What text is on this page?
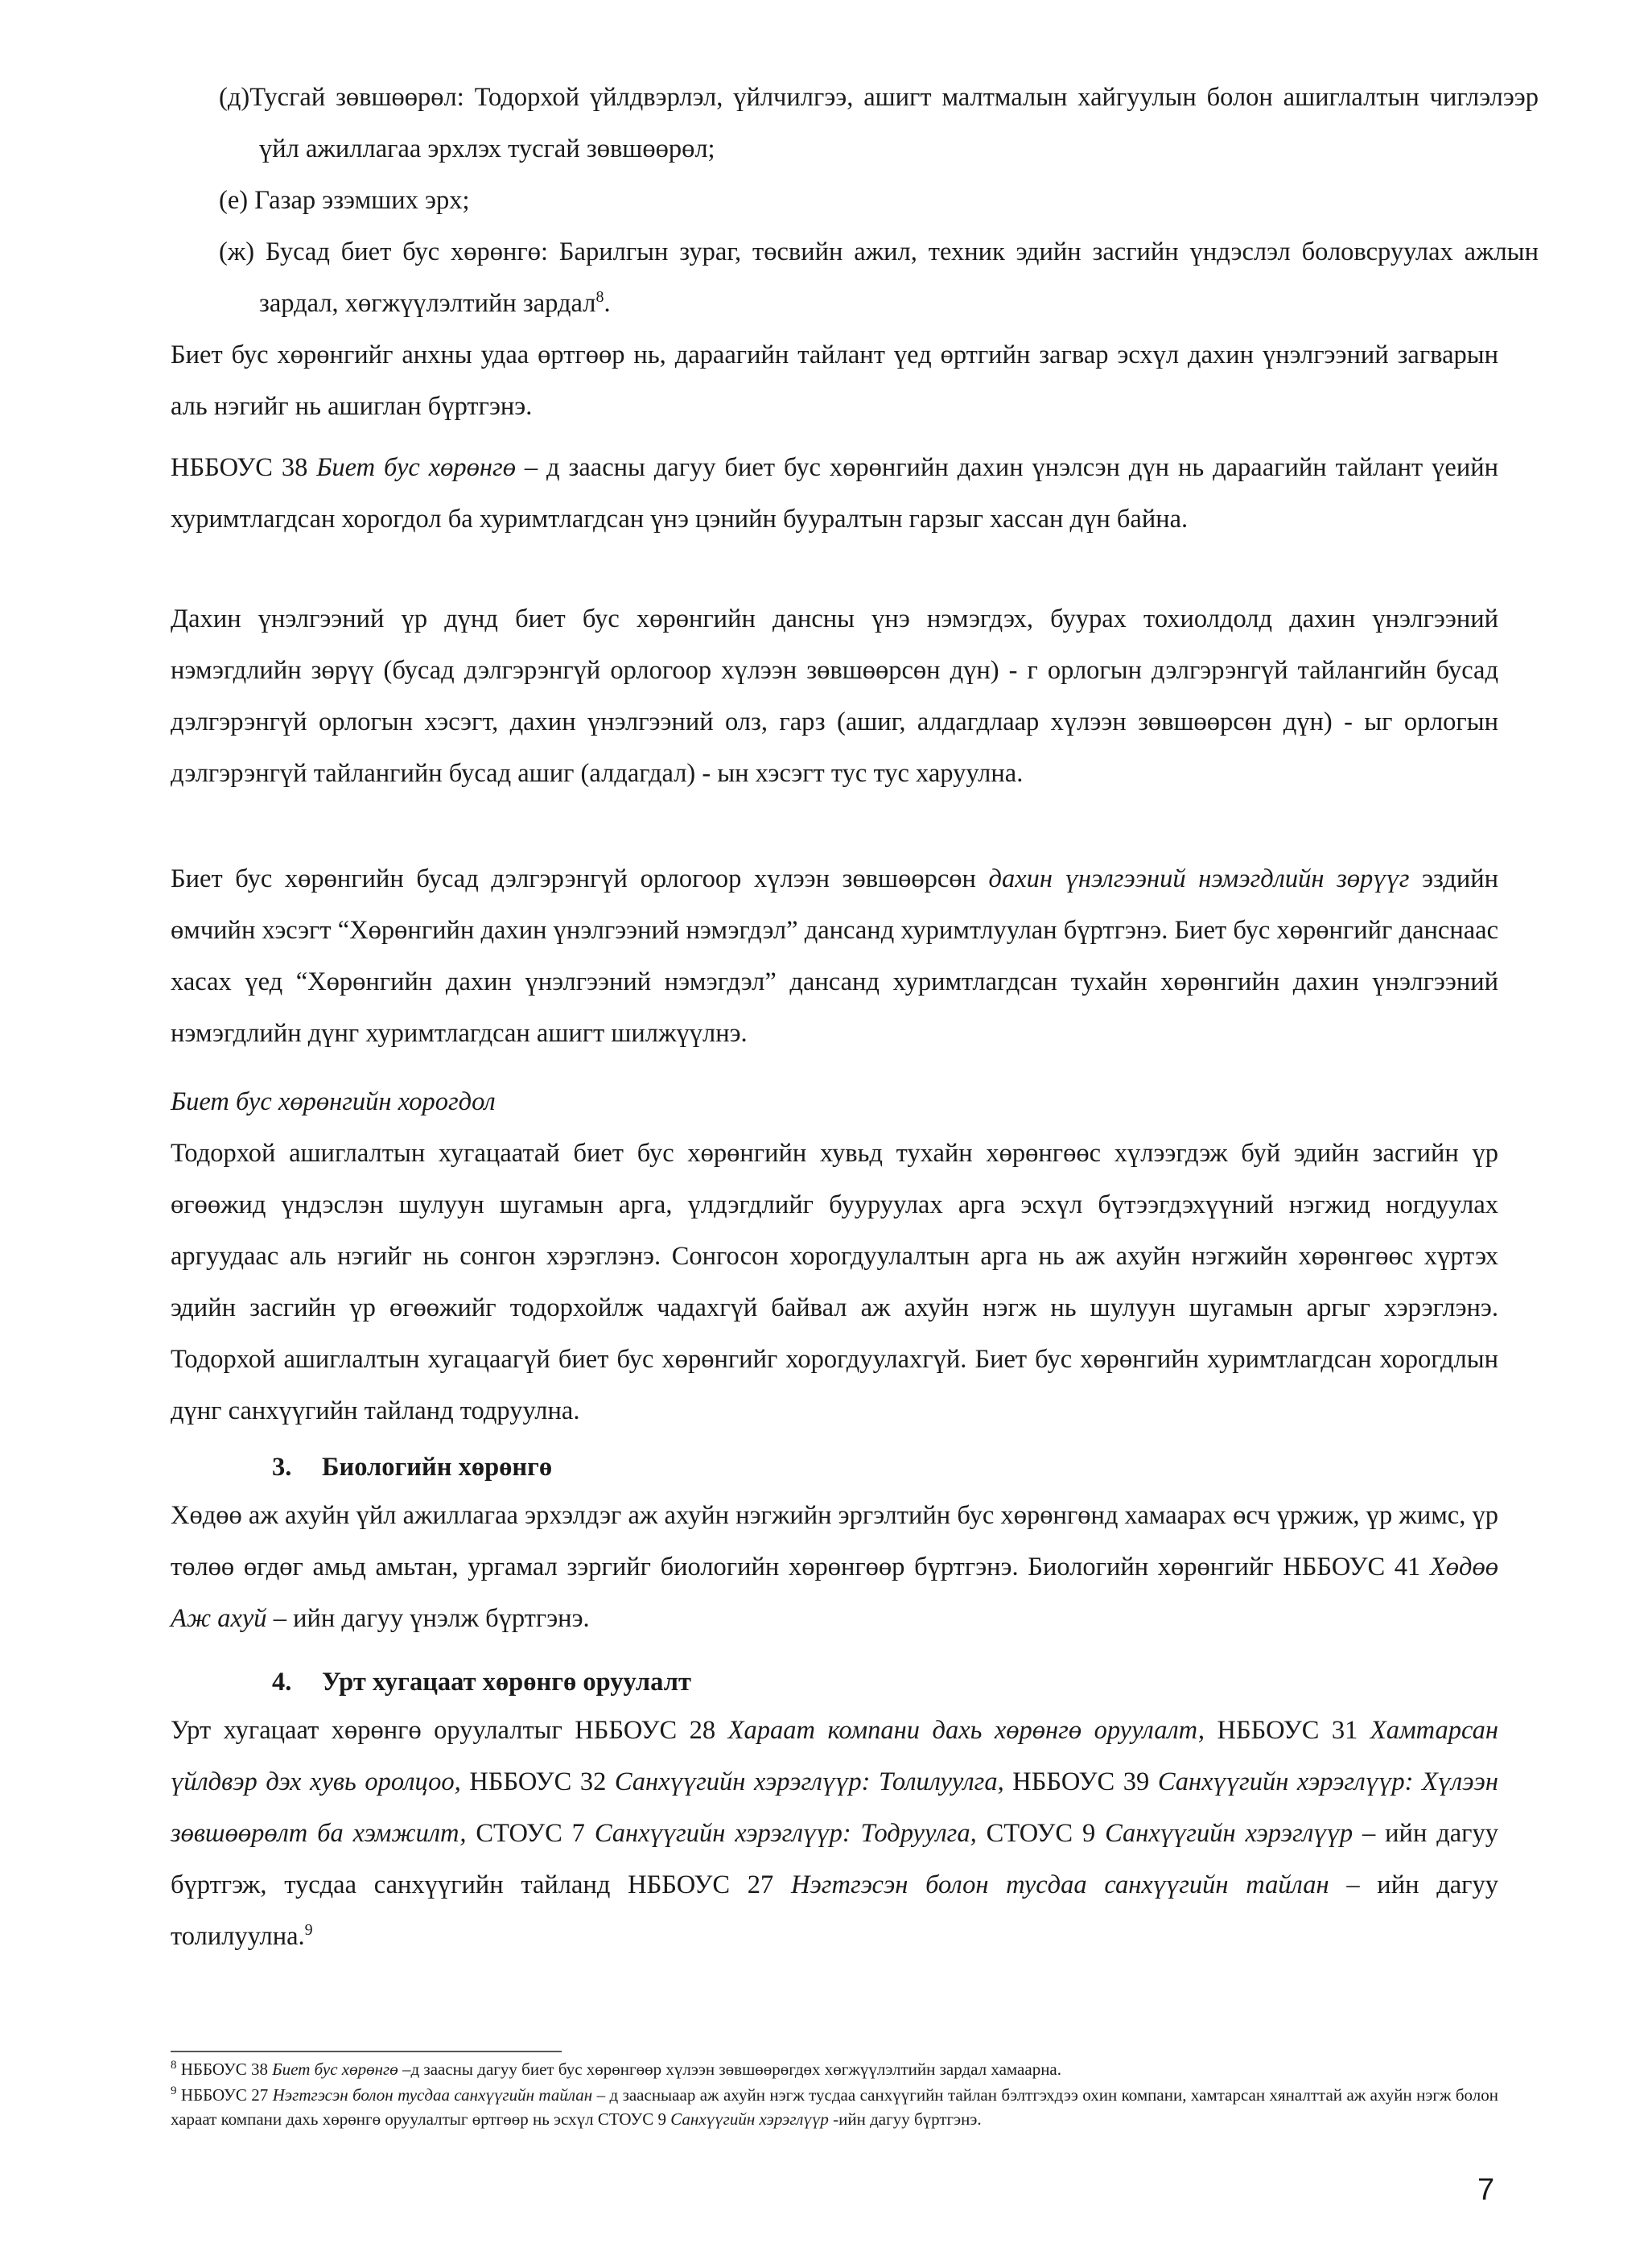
(д)Тусгай зөвшөөрөл: Тодорхой үйлдвэрлэл, үйлчилгээ, ашигт малтмалын хайгуулын болон ашиглалтын чиглэлээр үйл ажиллагаа эрхлэх тусгай зөвшөөрөл;

(е) Газар эзэмших эрх;

(ж) Бусад биет бус хөрөнгө: Барилгын зураг, төсвийн ажил, техник эдийн засгийн үндэслэл боловсруулах ажлын зардал, хөгжүүлэлтийн зардал$^8$.

Биет бус хөрөнгийг анхны удаа өртгөөр нь, дараагийн тайлант үед өртгийн загвар эсхүл дахин үнэлгээний загварын аль нэгийг нь ашиглан бүртгэнэ.

НББОУС 38 Биет бус хөрөнгө – д заасны дагуу биет бус хөрөнгийн дахин үнэлсэн дүн нь дараагийн тайлант үеийн хуримтлагдсан хорогдол ба хуримтлагдсан үнэ цэнийн бууралтын гарзыг хассан дүн байна.

Дахин үнэлгээний үр дүнд биет бус хөрөнгийн дансны үнэ нэмэгдэх, буурах тохиолдолд дахин үнэлгээний нэмэгдлийн зөрүү (бусад дэлгэрэнгүй орлогоор хүлээн зөвшөөрсөн дүн) - г орлогын дэлгэрэнгүй тайлангийн бусад дэлгэрэнгүй орлогын хэсэгт, дахин үнэлгээний олз, гарз (ашиг, алдагдлаар хүлээн зөвшөөрсөн дүн) - ыг орлогын дэлгэрэнгүй тайлангийн бусад ашиг (алдагдал) - ын хэсэгт тус тус харуулна.

Биет бус хөрөнгийн бусад дэлгэрэнгүй орлогоор хүлээн зөвшөөрсөн дахин үнэлгээний нэмэгдлийн зөрүүг эздийн өмчийн хэсэгт “Хөрөнгийн дахин үнэлгээний нэмэгдэл” дансанд хуримтлуулан бүртгэнэ. Биет бус хөрөнгийг данснаас хасах үед “Хөрөнгийн дахин үнэлгээний нэмэгдэл” дансанд хуримтлагдсан тухайн хөрөнгийн дахин үнэлгээний нэмэгдлийн дүнг хуримтлагдсан ашигт шилжүүлнэ.

Биет бус хөрөнгийн хорогдол

Тодорхой ашиглалтын хугацаатай биет бус хөрөнгийн хувьд тухайн хөрөнгөөс хүлээгдэж буй эдийн засгийн үр өгөөжид үндэслэн шулуун шугамын арга, үлдэгдлийг бууруулах арга эсхүл бүтээгдэхүүний нэгжид ногдуулах аргуудаас аль нэгийг нь сонгон хэрэглэнэ. Сонгосон хорогдуулалтын арга нь аж ахуйн нэгжийн хөрөнгөөс хүртэх эдийн засгийн үр өгөөжийг тодорхойлж чадахгүй байвал аж ахуйн нэгж нь шулуун шугамын аргыг хэрэглэнэ. Тодорхой ашиглалтын хугацаагүй биет бус хөрөнгийг хорогдуулахгүй. Биет бус хөрөнгийн хуримтлагдсан хорогдлын дүнг санхүүгийн тайланд тодруулна.

3. Биологийн хөрөнгө

Хөдөө аж ахуйн үйл ажиллагаа эрхэлдэг аж ахуйн нэгжийн эргэлтийн бус хөрөнгөнд хамаарах өсч үржиж, үр жимс, үр төлөө өгдөг амьд амьтан, ургамал зэргийг биологийн хөрөнгөөр бүртгэнэ. Биологийн хөрөнгийг НББОУС 41 Хөдөө Аж ахуй – ийн дагуу үнэлж бүртгэнэ.

4. Урт хугацаат хөрөнгө оруулалт

Урт хугацаат хөрөнгө оруулалтыг НББОУС 28 Хараат компани дахь хөрөнгө оруулалт, НББОУС 31 Хамтарсан үйлдвэр дэх хувь оролцоо, НББОУС 32 Санхүүгийн хэрэглүүр: Толилуулга, НББОУС 39 Санхүүгийн хэрэглүүр: Хүлээн зөвшөөрөлт ба хэмжилт, СТОУС 7 Санхүүгийн хэрэглүүр: Тодруулга, СТОУС 9 Санхүүгийн хэрэглүүр – ийн дагуу бүртгэж, тусдаа санхүүгийн тайланд НББОУС 27 Нэгтгэсэн болон тусдаа санхүүгийн тайлан – ийн дагуу толилуулна.$^9$

$^8$ НББОУС 38 Биет бус хөрөнгө –д заасны дагуу биет бус хөрөнгөөр хүлээн зөвшөөрөгдөх хөгжүүлэлтийн зардал хамаарна.

$^9$ НББОУС 27 Нэгтгэсэн болон тусдаа санхүүгийн тайлан – д заасныаар аж ахуйн нэгж тусдаа санхүүгийн тайлан бэлтгэхдээ охин компани, хамтарсан хяналттай аж ахуйн нэгж болон хараат компани дахь хөрөнгө оруулалтыг өртгөөр нь эсхүл СТОУС 9 Санхүүгийн хэрэглүүр -ийн дагуу бүртгэнэ.

7
